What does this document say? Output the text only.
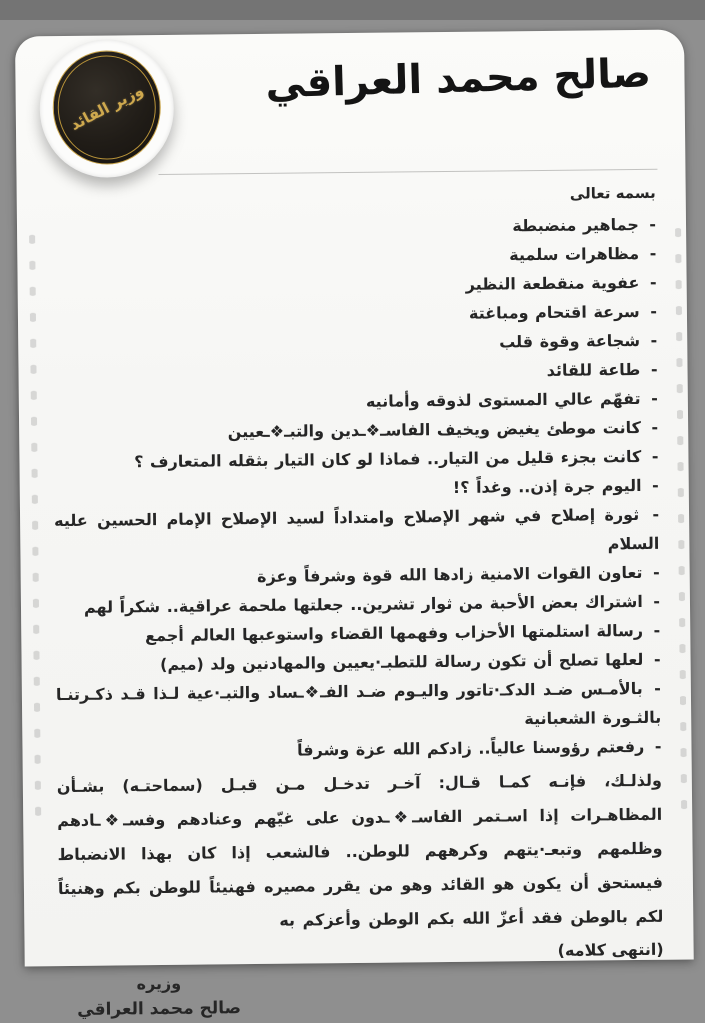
وزير القائد
صالح محمد العراقي
بسمه تعالى
- جماهير منضبطة
- مظاهرات سلمية
- عفوية منقطعة النظير
- سرعة اقتحام ومباغتة
- شجاعة وقوة قلب
- طاعة للقائد
- تفهّم عالي المستوى لذوقه وأمانيه
- كانت موطئ يغيض ويخيف الفاسـ❖ـدين والتبـ❖ـعيين
- كانت بجزء قليل من التيار.. فماذا لو كان التيار بثقله المتعارف ؟
- اليوم جرة إذن.. وغداً ؟!
- ثورة إصلاح في شهر الإصلاح وامتداداً لسيد الإصلاح الإمام الحسين عليه السلام
- تعاون القوات الامنية زادها الله قوة وشرفاً وعزة
- اشتراك بعض الأحبة من ثوار تشرين.. جعلتها ملحمة عراقية.. شكراً لهم
- رسالة استلمتها الأحزاب وفهمها القضاء واستوعبها العالم أجمع
- لعلها تصلح أن تكون رسالة للتطبـ·يعيين والمهادنين ولد (ميم)
- بالأمـس ضـد الدكـ·تاتور واليـوم ضـد الفـ❖ـساد والتبـ·عية لـذا قـد ذكـرتنـا بالثـورة الشعبانية
- رفعتم رؤوسنا عالياً.. زادكم الله عزة وشرفاً
ولذلـك، فإنـه كمـا قـال: آخـر تدخـل مـن قبـل (سماحتـه) بشـأن المظاهـرات إذا اسـتمر الفاسـ❖ـدون على غيّهم وعنادهم وفسـ❖ـادهم وظلمهم وتبعـ·يتهم وكرههم للوطن.. فالشعب إذا كان بهذا الانضباط فيستحق أن يكون هو القائد وهو من يقرر مصيره فهنيئاً للوطن بكم وهنيئاً لكم بالوطن فقد أعزّ الله بكم الوطن وأعزكم به
(انتهى كلامه)
وزيره
صالح محمد العراقي
